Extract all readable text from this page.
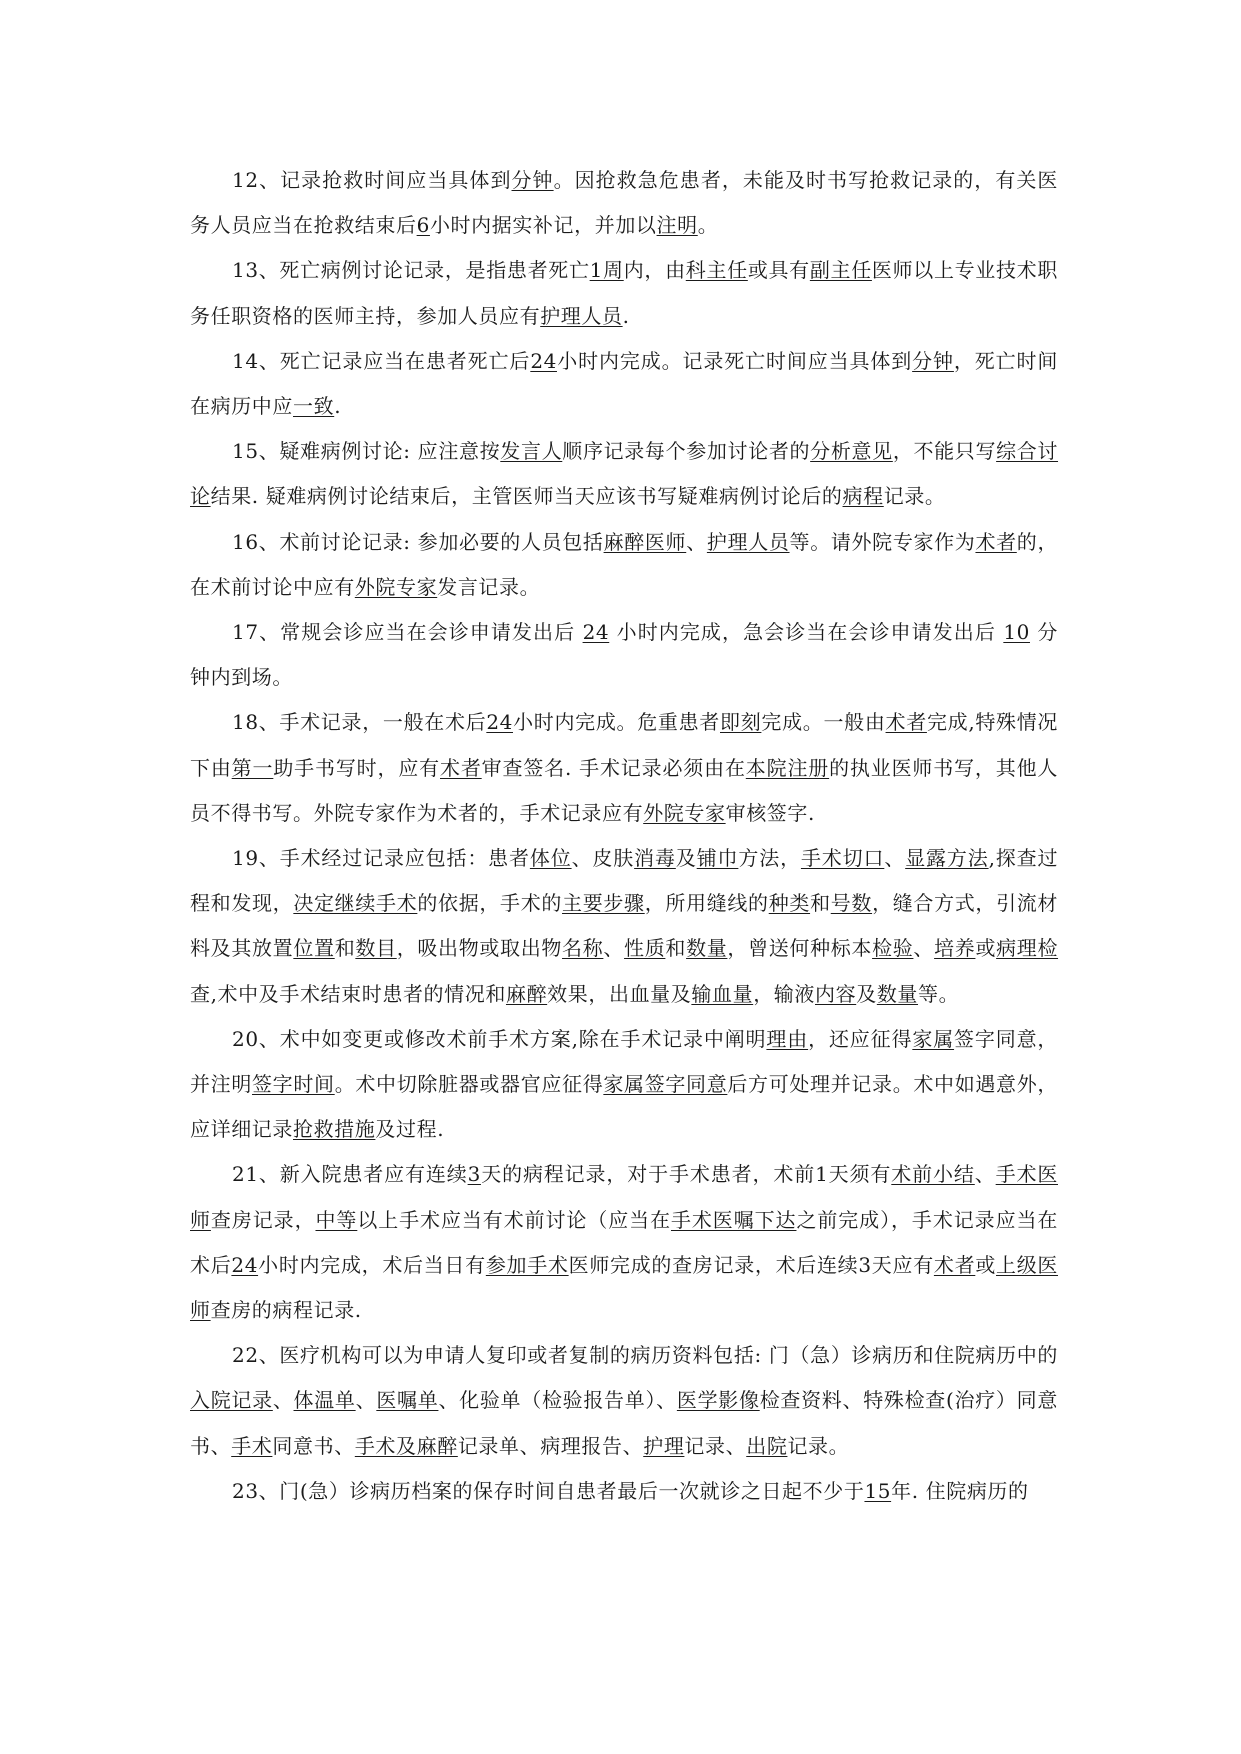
12、记录抢救时间应当具体到分钟。因抢救急危患者，未能及时书写抢救记录的，有关医务人员应当在抢救结束后6小时内据实补记，并加以注明。

13、死亡病例讨论记录，是指患者死亡1周内，由科主任或具有副主任医师以上专业技术职务任职资格的医师主持，参加人员应有护理人员.

14、死亡记录应当在患者死亡后24小时内完成。记录死亡时间应当具体到分钟，死亡时间在病历中应一致.

15、疑难病例讨论: 应注意按发言人顺序记录每个参加讨论者的分析意见，不能只写综合讨论结果. 疑难病例讨论结束后，主管医师当天应该书写疑难病例讨论后的病程记录。

16、术前讨论记录: 参加必要的人员包括麻醉医师、护理人员等。请外院专家作为术者的，在术前讨论中应有外院专家发言记录。

17、常规会诊应当在会诊申请发出后 24 小时内完成，急会诊当在会诊申请发出后 10 分钟内到场。

18、手术记录，一般在术后24小时内完成。危重患者即刻完成。一般由术者完成,特殊情况下由第一助手书写时，应有术者审查签名. 手术记录必须由在本院注册的执业医师书写，其他人员不得书写。外院专家作为术者的，手术记录应有外院专家审核签字.

19、手术经过记录应包括：患者体位、皮肤消毒及铺巾方法，手术切口、显露方法,探查过程和发现，决定继续手术的依据，手术的主要步骤，所用缝线的种类和号数，缝合方式，引流材料及其放置位置和数目，吸出物或取出物名称、性质和数量，曾送何种标本检验、培养或病理检查,术中及手术结束时患者的情况和麻醉效果，出血量及输血量，输液内容及数量等。

20、术中如变更或修改术前手术方案,除在手术记录中阐明理由，还应征得家属签字同意，并注明签字时间。术中切除脏器或器官应征得家属签字同意后方可处理并记录。术中如遇意外，应详细记录抢救措施及过程.

21、新入院患者应有连续3天的病程记录，对于手术患者，术前1天须有术前小结、手术医师查房记录，中等以上手术应当有术前讨论（应当在手术医嘱下达之前完成），手术记录应当在术后24小时内完成，术后当日有参加手术医师完成的查房记录，术后连续3天应有术者或上级医师查房的病程记录.

22、医疗机构可以为申请人复印或者复制的病历资料包括: 门（急）诊病历和住院病历中的入院记录、体温单、医嘱单、化验单（检验报告单）、医学影像检查资料、特殊检查(治疗）同意书、手术同意书、手术及麻醉记录单、病理报告、护理记录、出院记录。

23、门(急）诊病历档案的保存时间自患者最后一次就诊之日起不少于15年. 住院病历的
